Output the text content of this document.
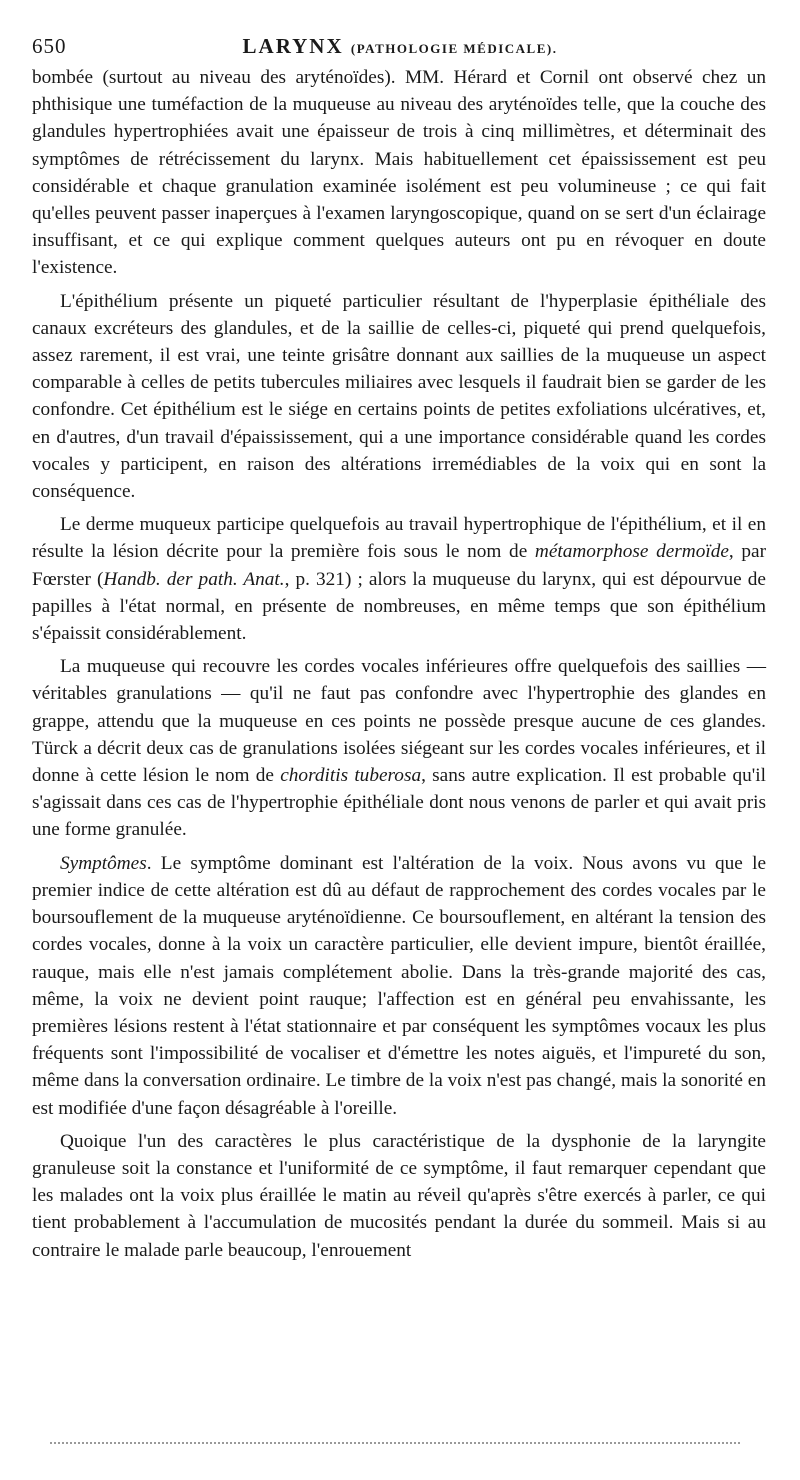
650	LARYNX (PATHOLOGIE MÉDICALE).

bombée (surtout au niveau des aryténoïdes). MM. Hérard et Cornil ont observé chez un phthisique une tuméfaction de la muqueuse au niveau des aryténoïdes telle, que la couche des glandules hypertrophiées avait une épaisseur de trois à cinq millimètres, et déterminait des symptômes de rétrécissement du larynx. Mais habituellement cet épaississement est peu considérable et chaque granulation examinée isolément est peu volumineuse ; ce qui fait qu'elles peuvent passer inaperçues à l'examen laryngoscopique, quand on se sert d'un éclairage insuffisant, et ce qui explique comment quelques auteurs ont pu en révoquer en doute l'existence.

L'épithélium présente un piqueté particulier résultant de l'hyperplasie épithéliale des canaux excréteurs des glandules, et de la saillie de celles-ci, piqueté qui prend quelquefois, assez rarement, il est vrai, une teinte grisâtre donnant aux saillies de la muqueuse un aspect comparable à celles de petits tubercules miliaires avec lesquels il faudrait bien se garder de les confondre. Cet épithélium est le siége en certains points de petites exfoliations ulcératives, et, en d'autres, d'un travail d'épaississement, qui a une importance considérable quand les cordes vocales y participent, en raison des altérations irremédiables de la voix qui en sont la conséquence.

Le derme muqueux participe quelquefois au travail hypertrophique de l'épithélium, et il en résulte la lésion décrite pour la première fois sous le nom de métamorphose dermoïde, par Fœrster (Handb. der path. Anat., p. 321) ; alors la muqueuse du larynx, qui est dépourvue de papilles à l'état normal, en présente de nombreuses, en même temps que son épithélium s'épaissit considérablement.

La muqueuse qui recouvre les cordes vocales inférieures offre quelquefois des saillies — véritables granulations — qu'il ne faut pas confondre avec l'hypertrophie des glandes en grappe, attendu que la muqueuse en ces points ne possède presque aucune de ces glandes. Türck a décrit deux cas de granulations isolées siégeant sur les cordes vocales inférieures, et il donne à cette lésion le nom de chorditis tuberosa, sans autre explication. Il est probable qu'il s'agissait dans ces cas de l'hypertrophie épithéliale dont nous venons de parler et qui avait pris une forme granulée.

Symptômes. Le symptôme dominant est l'altération de la voix. Nous avons vu que le premier indice de cette altération est dû au défaut de rapprochement des cordes vocales par le boursouflement de la muqueuse aryténoïdienne. Ce boursouflement, en altérant la tension des cordes vocales, donne à la voix un caractère particulier, elle devient impure, bientôt éraillée, rauque, mais elle n'est jamais complétement abolie. Dans la très-grande majorité des cas, même, la voix ne devient point rauque; l'affection est en général peu envahissante, les premières lésions restent à l'état stationnaire et par conséquent les symptômes vocaux les plus fréquents sont l'impossibilité de vocaliser et d'émettre les notes aiguës, et l'impureté du son, même dans la conversation ordinaire. Le timbre de la voix n'est pas changé, mais la sonorité en est modifiée d'une façon désagréable à l'oreille.

Quoique l'un des caractères le plus caractéristique de la dysphonie de la laryngite granuleuse soit la constance et l'uniformité de ce symptôme, il faut remarquer cependant que les malades ont la voix plus éraillée le matin au réveil qu'après s'être exercés à parler, ce qui tient probablement à l'accumulation de mucosités pendant la durée du sommeil. Mais si au contraire le malade parle beaucoup, l'enrouement
